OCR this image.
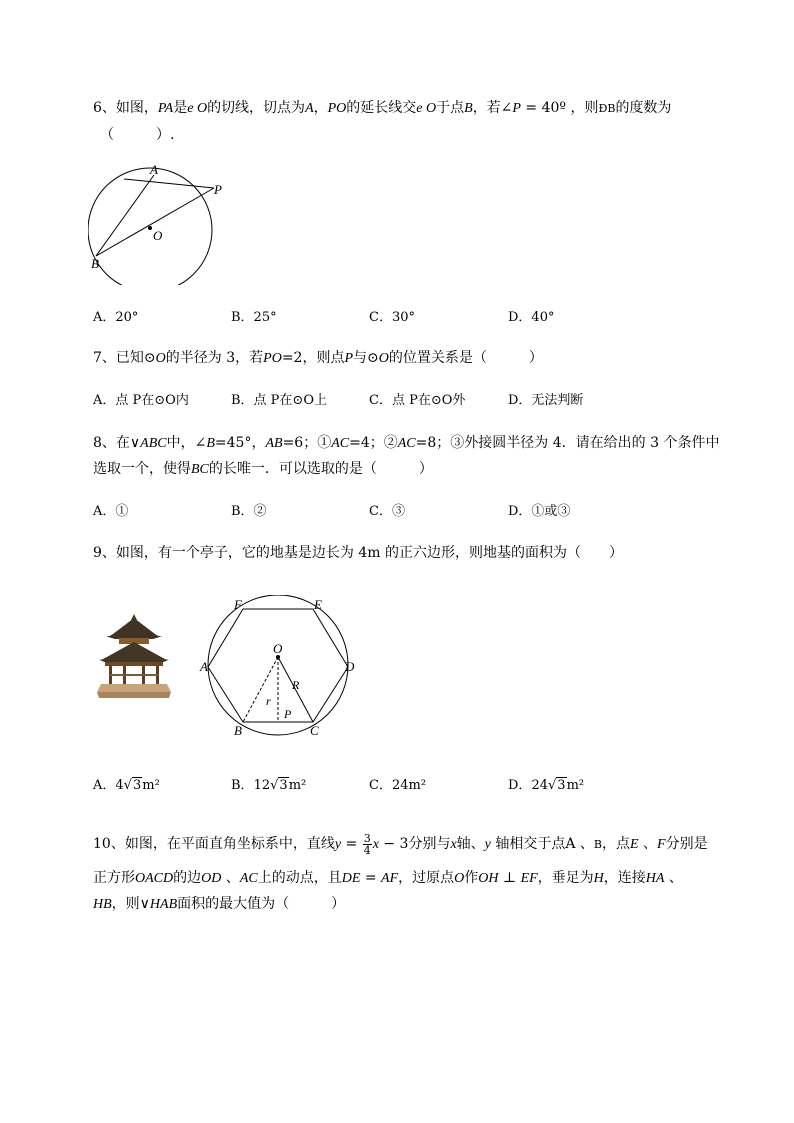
6、如图，PA是e O的切线，切点为A，PO的延长线交e O于点B，若∠P = 40º ，则ÐB的度数为
（　　　）.
A
P
O
B
A．20°	B．25°	C．30°	D．40°
7、已知⊙O的半径为 3，若PO=2，则点P与⊙O的位置关系是（　　　）
A．点 P在⊙O内	B．点 P在⊙O上	C．点 P在⊙O外	D．无法判断
8、在∨ABC中，∠B=45°，AB=6；①AC=4；②AC=8；③外接圆半径为 4．请在给出的 3 个条件中
选取一个，使得BC的长唯一．可以选取的是（　　　）
A．①	B．②	C．③	D．①或③
9、如图，有一个亭子，它的地基是边长为 4m 的正六边形，则地基的面积为（　　）
F	E
A	D
O
B	C
r
R
P
A．4√3m²	B．12√3m²	C．24m²	D．24√3m²
10、如图，在平面直角坐标系中，直线$y = \frac{3}{4}$ x − 3分别与x轴、y 轴相交于点A 、B，点E 、F分别是
正方形OACD的边OD 、AC上的动点，且DE = AF，过原点O作OH ⊥ EF，垂足为H，连接HA 、
HB，则∨HAB面积的最大值为（　　　）
